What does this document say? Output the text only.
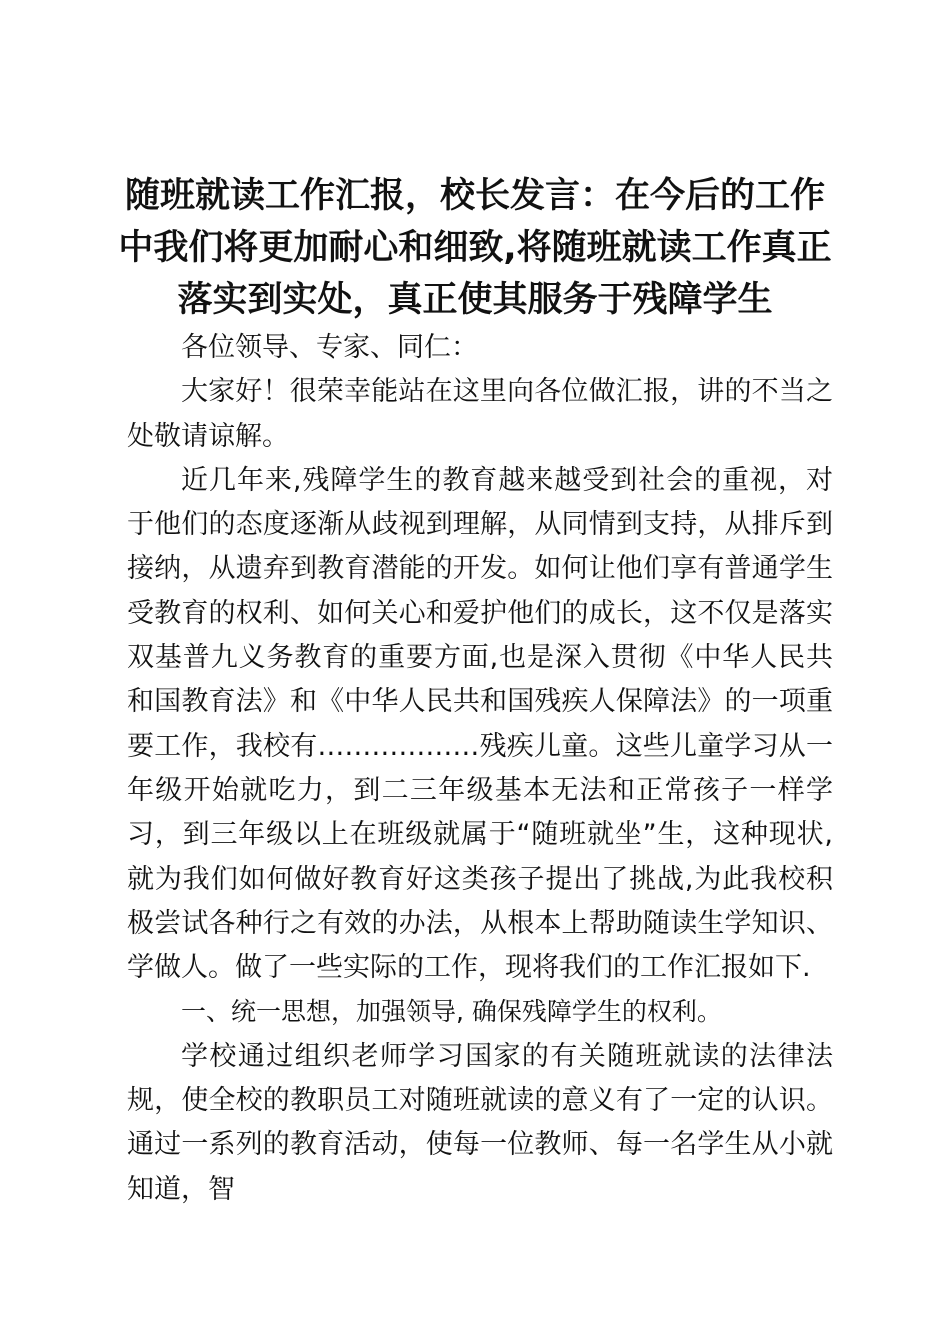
随班就读工作汇报，校长发言：在今后的工作中我们将更加耐心和细致,将随班就读工作真正落实到实处，真正使其服务于残障学生

各位领导、专家、同仁：

大家好！很荣幸能站在这里向各位做汇报，讲的不当之处敬请谅解。

近几年来,残障学生的教育越来越受到社会的重视，对于他们的态度逐渐从歧视到理解，从同情到支持，从排斥到接纳，从遗弃到教育潜能的开发。如何让他们享有普通学生受教育的权利、如何关心和爱护他们的成长，这不仅是落实双基普九义务教育的重要方面,也是深入贯彻《中华人民共和国教育法》和《中华人民共和国残疾人保障法》的一项重要工作，我校有………………残疾儿童。这些儿童学习从一年级开始就吃力，到二三年级基本无法和正常孩子一样学习，到三年级以上在班级就属于“随班就坐”生，这种现状,就为我们如何做好教育好这类孩子提出了挑战,为此我校积极尝试各种行之有效的办法，从根本上帮助随读生学知识、学做人。做了一些实际的工作，现将我们的工作汇报如下.

一、统一思想，加强领导, 确保残障学生的权利。

学校通过组织老师学习国家的有关随班就读的法律法规，使全校的教职员工对随班就读的意义有了一定的认识。通过一系列的教育活动，使每一位教师、每一名学生从小就知道，智
